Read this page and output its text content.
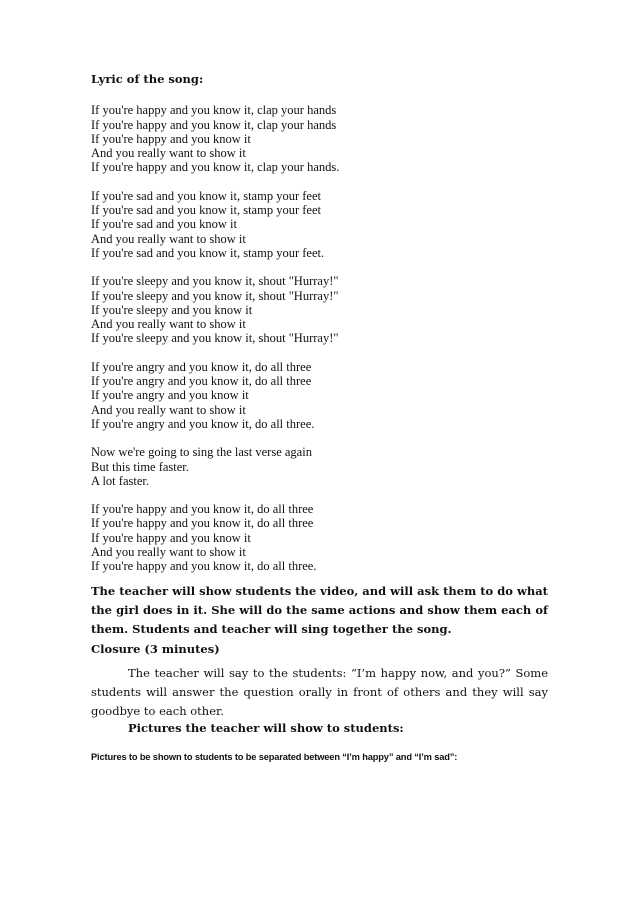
Lyric of the song:
If you're happy and you know it, clap your hands
If you're happy and you know it, clap your hands
If you're happy and you know it
And you really want to show it
If you're happy and you know it, clap your hands.
If you're sad and you know it, stamp your feet
If you're sad and you know it, stamp your feet
If you're sad and you know it
And you really want to show it
If you're sad and you know it, stamp your feet.
If you're sleepy and you know it, shout "Hurray!"
If you're sleepy and you know it, shout "Hurray!"
If you're sleepy and you know it
And you really want to show it
If you're sleepy and you know it, shout "Hurray!"
If you're angry and you know it, do all three
If you're angry and you know it, do all three
If you're angry and you know it
And you really want to show it
If you're angry and you know it, do all three.
Now we're going to sing the last verse again
But this time faster.
A lot faster.
If you're happy and you know it, do all three
If you're happy and you know it, do all three
If you're happy and you know it
And you really want to show it
If you're happy and you know it, do all three.
The teacher will show students the video, and will ask them to do what the girl does in it. She will do the same actions and show them each of them. Students and teacher will sing together the song.
Closure (3 minutes)
The teacher will say to the students: “I’m happy now, and you?” Some students will answer the question orally in front of others and they will say goodbye to each other.
Pictures the teacher will show to students:
Pictures to be shown to students to be separated between “I’m happy” and “I’m sad”:
